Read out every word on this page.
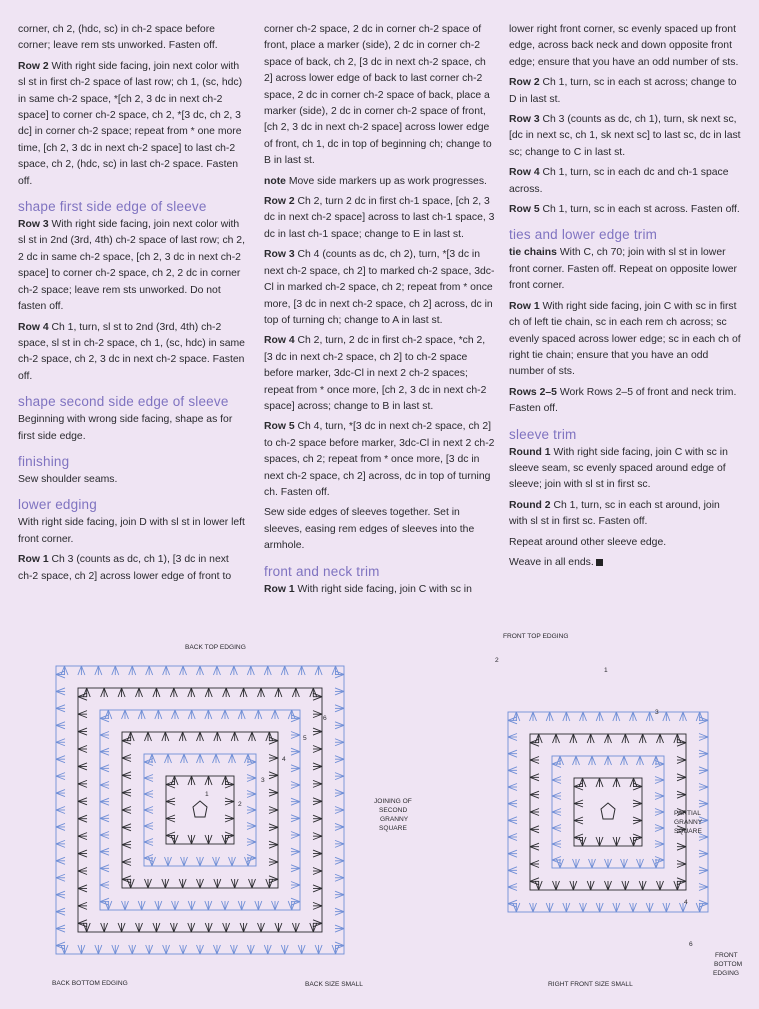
corner, ch 2, (hdc, sc) in ch-2 space before corner; leave rem sts unworked. Fasten off.
Row 2 With right side facing, join next color with sl st in first ch-2 space of last row; ch 1, (sc, hdc) in same ch-2 space, *[ch 2, 3 dc in next ch-2 space] to corner ch-2 space, ch 2, *[3 dc, ch 2, 3 dc] in corner ch-2 space; repeat from * one more time, [ch 2, 3 dc in next ch-2 space] to last ch-2 space, ch 2, (hdc, sc) in last ch-2 space. Fasten off.
shape first side edge of sleeve
Row 3 With right side facing, join next color with sl st in 2nd (3rd, 4th) ch-2 space of last row; ch 2, 2 dc in same ch-2 space, [ch 2, 3 dc in next ch-2 space] to corner ch-2 space, ch 2, 2 dc in corner ch-2 space; leave rem sts unworked. Do not fasten off.
Row 4 Ch 1, turn, sl st to 2nd (3rd, 4th) ch-2 space, sl st in ch-2 space, ch 1, (sc, hdc) in same ch-2 space, ch 2, 3 dc in next ch-2 space. Fasten off.
shape second side edge of sleeve
Beginning with wrong side facing, shape as for first side edge.
finishing
Sew shoulder seams.
lower edging
With right side facing, join D with sl st in lower left front corner.
Row 1 Ch 3 (counts as dc, ch 1), [3 dc in next ch-2 space, ch 2] across lower edge of front to
corner ch-2 space, 2 dc in corner ch-2 space of front, place a marker (side), 2 dc in corner ch-2 space of back, ch 2, [3 dc in next ch-2 space, ch 2] across lower edge of back to last corner ch-2 space, 2 dc in corner ch-2 space of back, place a marker (side), 2 dc in corner ch-2 space of front, [ch 2, 3 dc in next ch-2 space] across lower edge of front, ch 1, dc in top of beginning ch; change to B in last st.
note Move side markers up as work progresses.
Row 2 Ch 2, turn 2 dc in first ch-1 space, [ch 2, 3 dc in next ch-2 space] across to last ch-1 space, 3 dc in last ch-1 space; change to E in last st.
Row 3 Ch 4 (counts as dc, ch 2), turn, *[3 dc in next ch-2 space, ch 2] to marked ch-2 space, 3dc-Cl in marked ch-2 space, ch 2; repeat from * once more, [3 dc in next ch-2 space, ch 2] across, dc in top of turning ch; change to A in last st.
Row 4 Ch 2, turn, 2 dc in first ch-2 space, *ch 2, [3 dc in next ch-2 space, ch 2] to ch-2 space before marker, 3dc-Cl in next 2 ch-2 spaces; repeat from * once more, [ch 2, 3 dc in next ch-2 space] across; change to B in last st.
Row 5 Ch 4, turn, *[3 dc in next ch-2 space, ch 2] to ch-2 space before marker, 3dc-Cl in next 2 ch-2 spaces, ch 2; repeat from * once more, [3 dc in next ch-2 space, ch 2] across, dc in top of turning ch. Fasten off.
Sew side edges of sleeves together. Set in sleeves, easing rem edges of sleeves into the armhole.
front and neck trim
Row 1 With right side facing, join C with sc in
lower right front corner, sc evenly spaced up front edge, across back neck and down opposite front edge; ensure that you have an odd number of sts.
Row 2 Ch 1, turn, sc in each st across; change to D in last st.
Row 3 Ch 3 (counts as dc, ch 1), turn, sk next sc, [dc in next sc, ch 1, sk next sc] to last sc, dc in last sc; change to C in last st.
Row 4 Ch 1, turn, sc in each dc and ch-1 space across.
Row 5 Ch 1, turn, sc in each st across. Fasten off.
ties and lower edge trim
tie chains With C, ch 70; join with sl st in lower front corner. Fasten off. Repeat on opposite lower front corner.
Row 1 With right side facing, join C with sc in first ch of left tie chain, sc in each rem ch across; sc evenly spaced across lower edge; sc in each ch of right tie chain; ensure that you have an odd number of sts.
Rows 2–5 Work Rows 2–5 of front and neck trim. Fasten off.
sleeve trim
Round 1 With right side facing, join C with sc in sleeve seam, sc evenly spaced around edge of sleeve; join with sl st in first sc.
Round 2 Ch 1, turn, sc in each st around, join with sl st in first sc. Fasten off.
Repeat around other sleeve edge.
Weave in all ends.
BACK TOP EDGING
BACK BOTTOM EDGING	BACK SIZE SMALL
JOINING OF
SECOND
GRANNY
SQUARE
FRONT TOP EDGING
PARTIAL
GRANNY
SQUARE
FRONT
BOTTOM
EDGING
RIGHT FRONT SIZE SMALL
1
2
3
4
5
6
1
2
3
4
6
